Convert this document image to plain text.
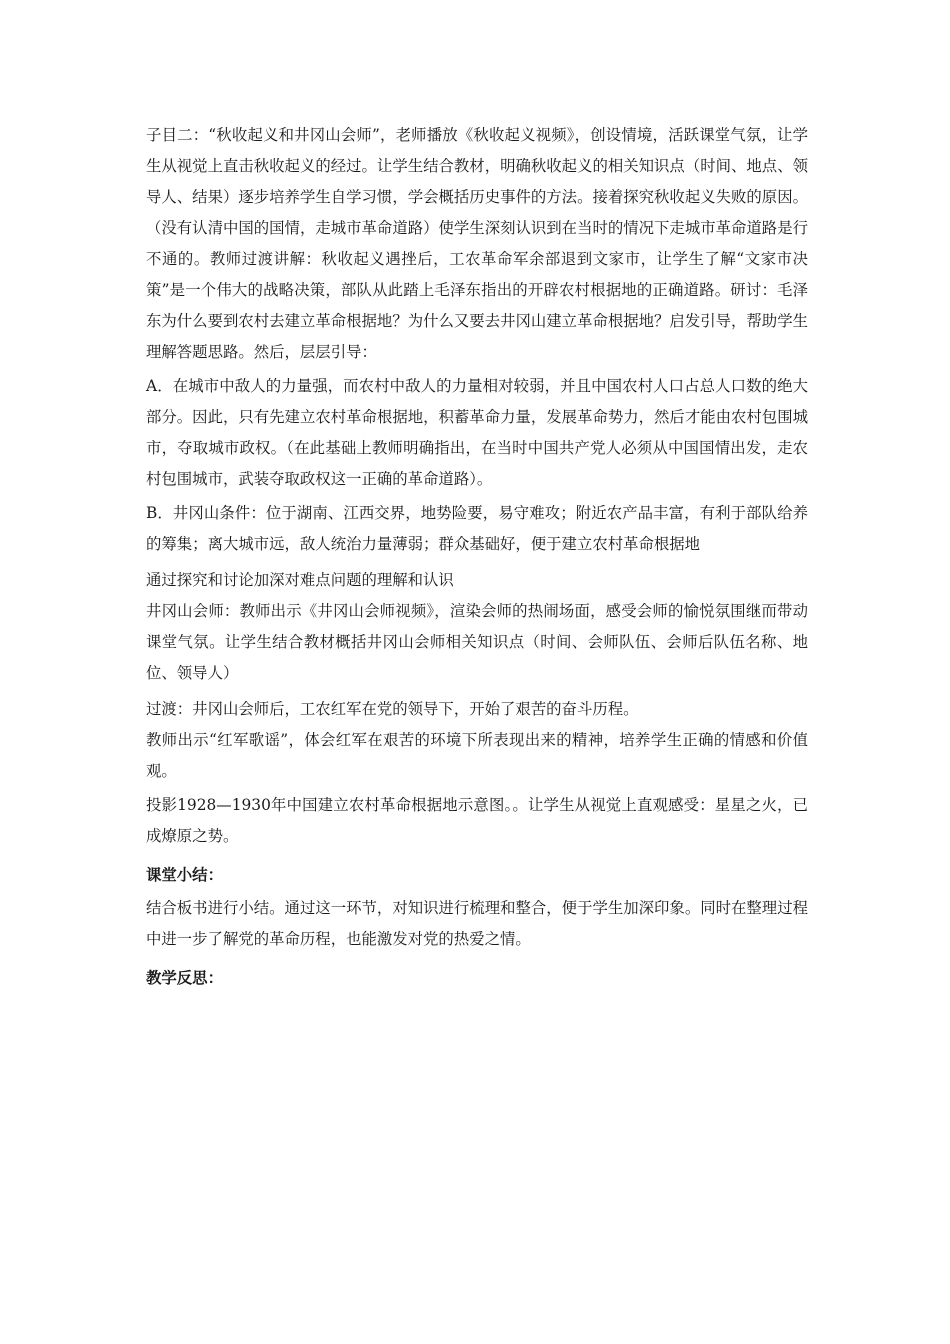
子目二：“秋收起义和井冈山会师”，老师播放《秋收起义视频》，创设情境，活跃课堂气氛，让学生从视觉上直击秋收起义的经过。让学生结合教材，明确秋收起义的相关知识点（时间、地点、领导人、结果）逐步培养学生自学习惯，学会概括历史事件的方法。接着探究秋收起义失败的原因。（没有认清中国的国情，走城市革命道路）使学生深刻认识到在当时的情况下走城市革命道路是行不通的。教师过渡讲解：秋收起义遇挫后，工农革命军余部退到文家市，让学生了解“文家市决策”是一个伟大的战略决策，部队从此踏上毛泽东指出的开辟农村根据地的正确道路。研讨：毛泽东为什么要到农村去建立革命根据地？为什么又要去井冈山建立革命根据地？启发引导，帮助学生理解答题思路。然后，层层引导：

A．在城市中敌人的力量强，而农村中敌人的力量相对较弱，并且中国农村人口占总人口数的绝大部分。因此，只有先建立农村革命根据地，积蓄革命力量，发展革命势力，然后才能由农村包围城市，夺取城市政权。（在此基础上教师明确指出，在当时中国共产党人必须从中国国情出发，走农村包围城市，武装夺取政权这一正确的革命道路）。

B．井冈山条件：位于湖南、江西交界，地势险要，易守难攻；附近农产品丰富，有利于部队给养的筹集；离大城市远，敌人统治力量薄弱；群众基础好，便于建立农村革命根据地

通过探究和讨论加深对难点问题的理解和认识

井冈山会师：教师出示《井冈山会师视频》，渲染会师的热闹场面，感受会师的愉悦氛围继而带动课堂气氛。让学生结合教材概括井冈山会师相关知识点（时间、会师队伍、会师后队伍名称、地位、领导人）

过渡：井冈山会师后，工农红军在党的领导下，开始了艰苦的奋斗历程。

教师出示“红军歌谣”，体会红军在艰苦的环境下所表现出来的精神，培养学生正确的情感和价值观。

投影1928—1930年中国建立农村革命根据地示意图。。让学生从视觉上直观感受：星星之火，已成燎原之势。

课堂小结：

结合板书进行小结。通过这一环节，对知识进行梳理和整合，便于学生加深印象。同时在整理过程中进一步了解党的革命历程，也能激发对党的热爱之情。

教学反思：
